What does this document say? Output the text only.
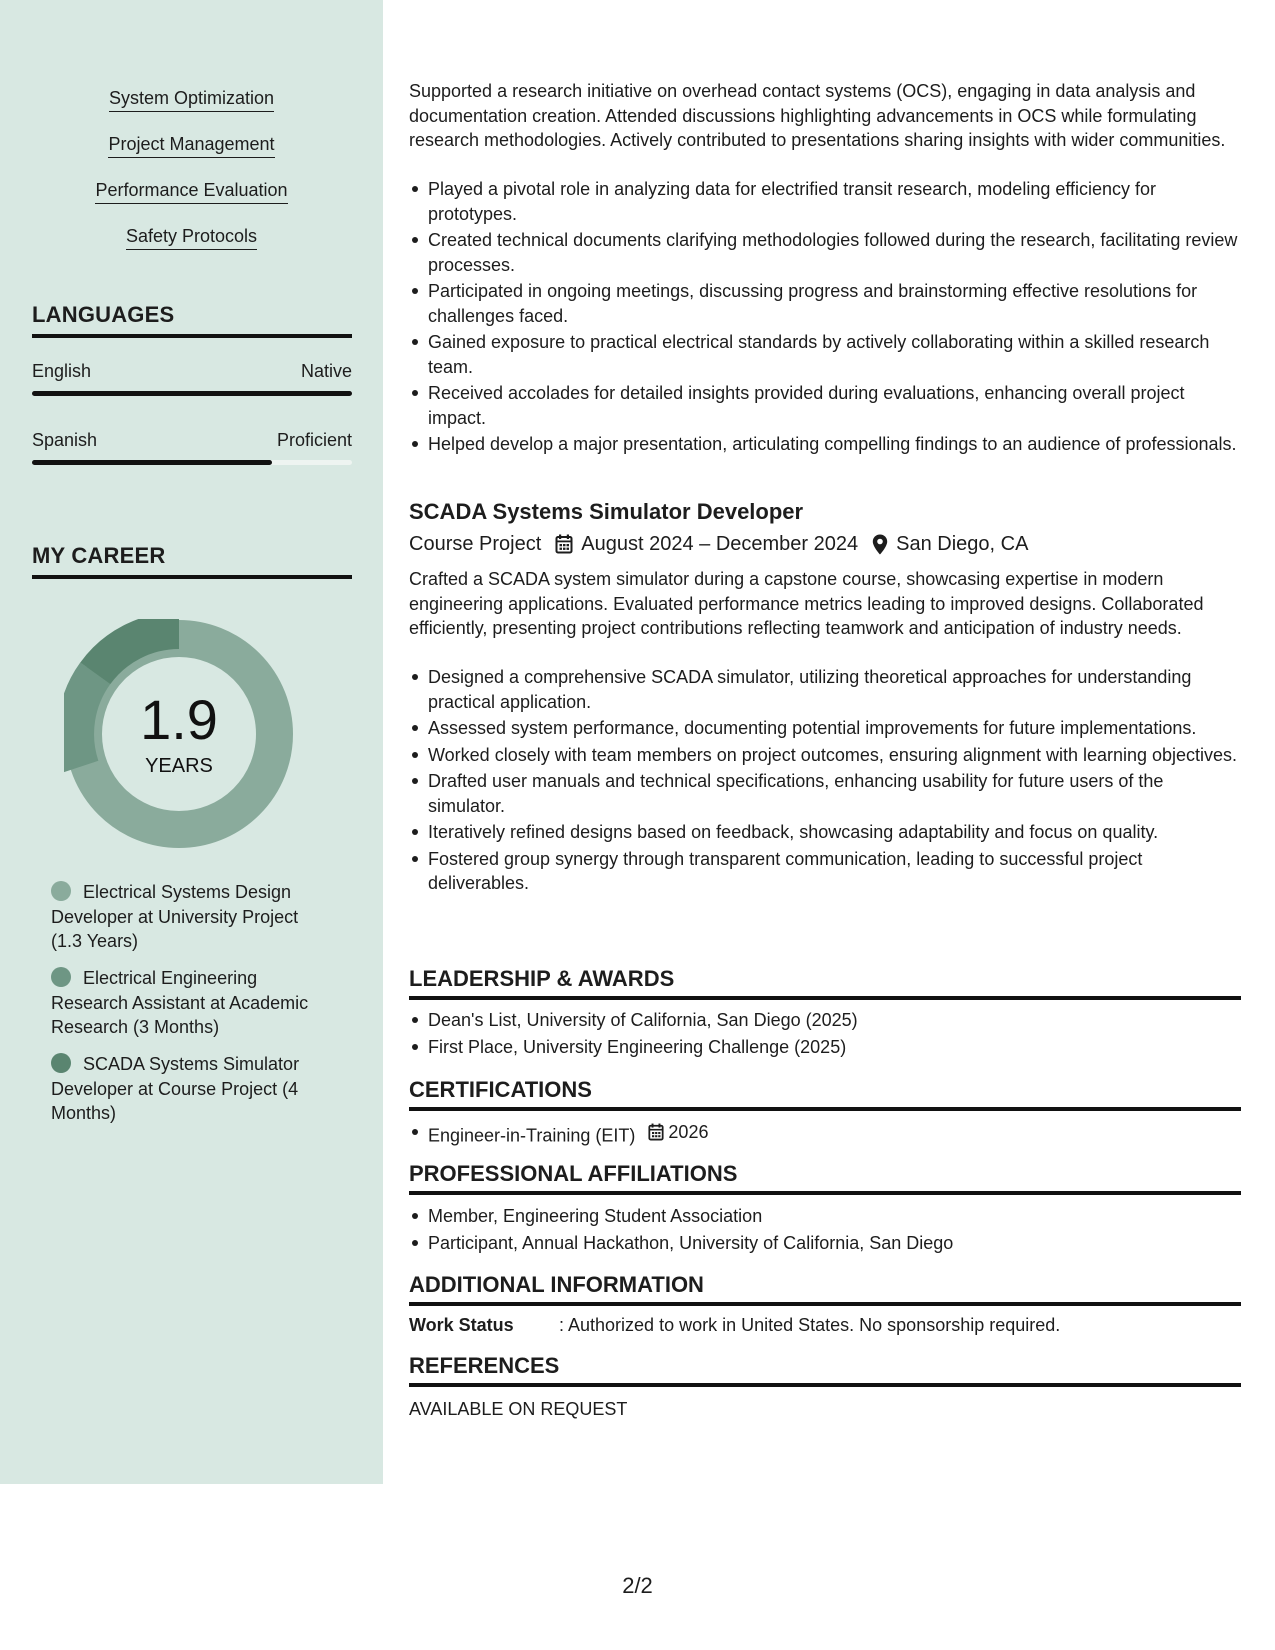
System Optimization
Project Management
Performance Evaluation
Safety Protocols
LANGUAGES
English	Native
Spanish	Proficient
MY CAREER
1.9
YEARS
Electrical Systems Design Developer at University Project (1.3 Years)
Electrical Engineering Research Assistant at Academic Research (3 Months)
SCADA Systems Simulator Developer at Course Project (4 Months)
Supported a research initiative on overhead contact systems (OCS), engaging in data analysis and documentation creation. Attended discussions highlighting advancements in OCS while formulating research methodologies. Actively contributed to presentations sharing insights with wider communities.
Played a pivotal role in analyzing data for electrified transit research, modeling efficiency for prototypes.
Created technical documents clarifying methodologies followed during the research, facilitating review processes.
Participated in ongoing meetings, discussing progress and brainstorming effective resolutions for challenges faced.
Gained exposure to practical electrical standards by actively collaborating within a skilled research team.
Received accolades for detailed insights provided during evaluations, enhancing overall project impact.
Helped develop a major presentation, articulating compelling findings to an audience of professionals.
SCADA Systems Simulator Developer
Course Project August 2024 – December 2024 San Diego, CA
Crafted a SCADA system simulator during a capstone course, showcasing expertise in modern engineering applications. Evaluated performance metrics leading to improved designs. Collaborated efficiently, presenting project contributions reflecting teamwork and anticipation of industry needs.
Designed a comprehensive SCADA simulator, utilizing theoretical approaches for understanding practical application.
Assessed system performance, documenting potential improvements for future implementations.
Worked closely with team members on project outcomes, ensuring alignment with learning objectives.
Drafted user manuals and technical specifications, enhancing usability for future users of the simulator.
Iteratively refined designs based on feedback, showcasing adaptability and focus on quality.
Fostered group synergy through transparent communication, leading to successful project deliverables.
LEADERSHIP & AWARDS
Dean's List, University of California, San Diego (2025)
First Place, University Engineering Challenge (2025)
CERTIFICATIONS
Engineer-in-Training (EIT) 2026
PROFESSIONAL AFFILIATIONS
Member, Engineering Student Association
Participant, Annual Hackathon, University of California, San Diego
ADDITIONAL INFORMATION
Work Status	: Authorized to work in United States. No sponsorship required.
REFERENCES
AVAILABLE ON REQUEST
2/2
